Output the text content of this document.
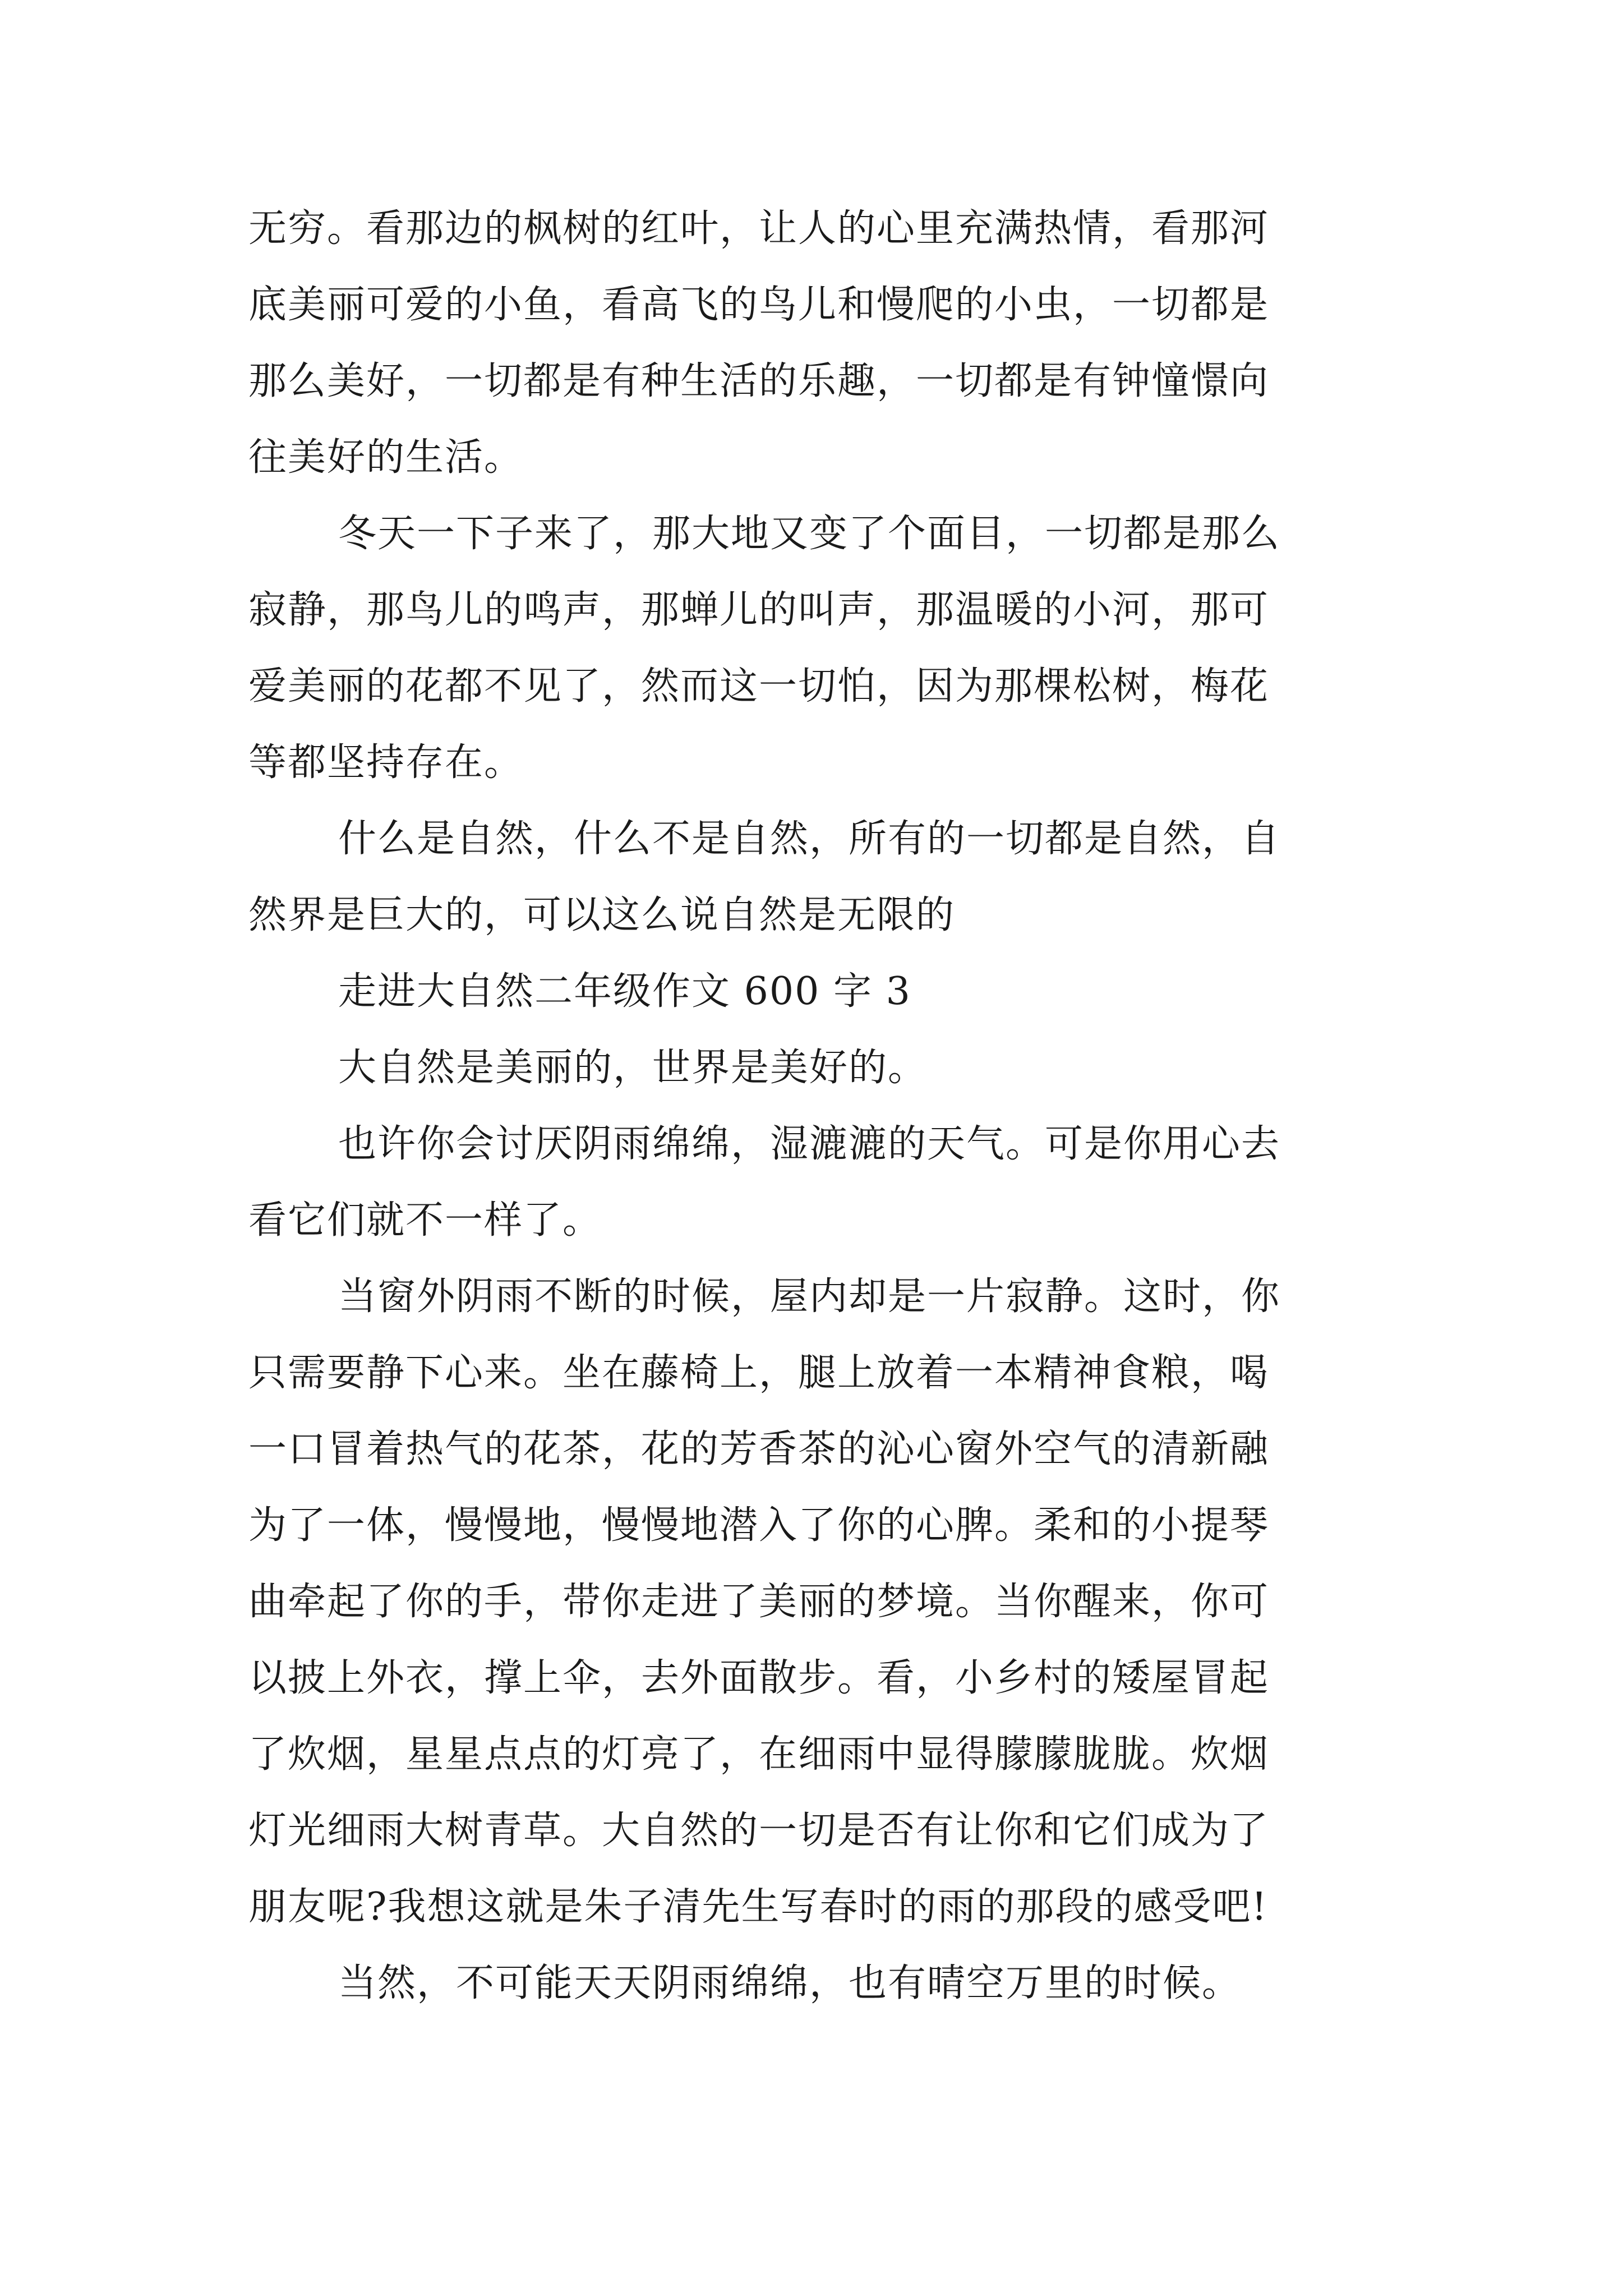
无穷。看那边的枫树的红叶，让人的心里充满热情，看那河
底美丽可爱的小鱼，看高飞的鸟儿和慢爬的小虫，一切都是
那么美好，一切都是有种生活的乐趣，一切都是有钟憧憬向
往美好的生活。
冬天一下子来了，那大地又变了个面目，一切都是那么
寂静，那鸟儿的鸣声，那蝉儿的叫声，那温暖的小河，那可
爱美丽的花都不见了，然而这一切怕，因为那棵松树，梅花
等都坚持存在。
什么是自然，什么不是自然，所有的一切都是自然，自
然界是巨大的，可以这么说自然是无限的
走进大自然二年级作文 600 字 3
大自然是美丽的，世界是美好的。
也许你会讨厌阴雨绵绵，湿漉漉的天气。可是你用心去
看它们就不一样了。
当窗外阴雨不断的时候，屋内却是一片寂静。这时，你
只需要静下心来。坐在藤椅上，腿上放着一本精神食粮，喝
一口冒着热气的花茶，花的芳香茶的沁心窗外空气的清新融
为了一体，慢慢地，慢慢地潜入了你的心脾。柔和的小提琴
曲牵起了你的手，带你走进了美丽的梦境。当你醒来，你可
以披上外衣，撑上伞，去外面散步。看，小乡村的矮屋冒起
了炊烟，星星点点的灯亮了，在细雨中显得朦朦胧胧。炊烟
灯光细雨大树青草。大自然的一切是否有让你和它们成为了
朋友呢?我想这就是朱子清先生写春时的雨的那段的感受吧!
当然，不可能天天阴雨绵绵，也有晴空万里的时候。
